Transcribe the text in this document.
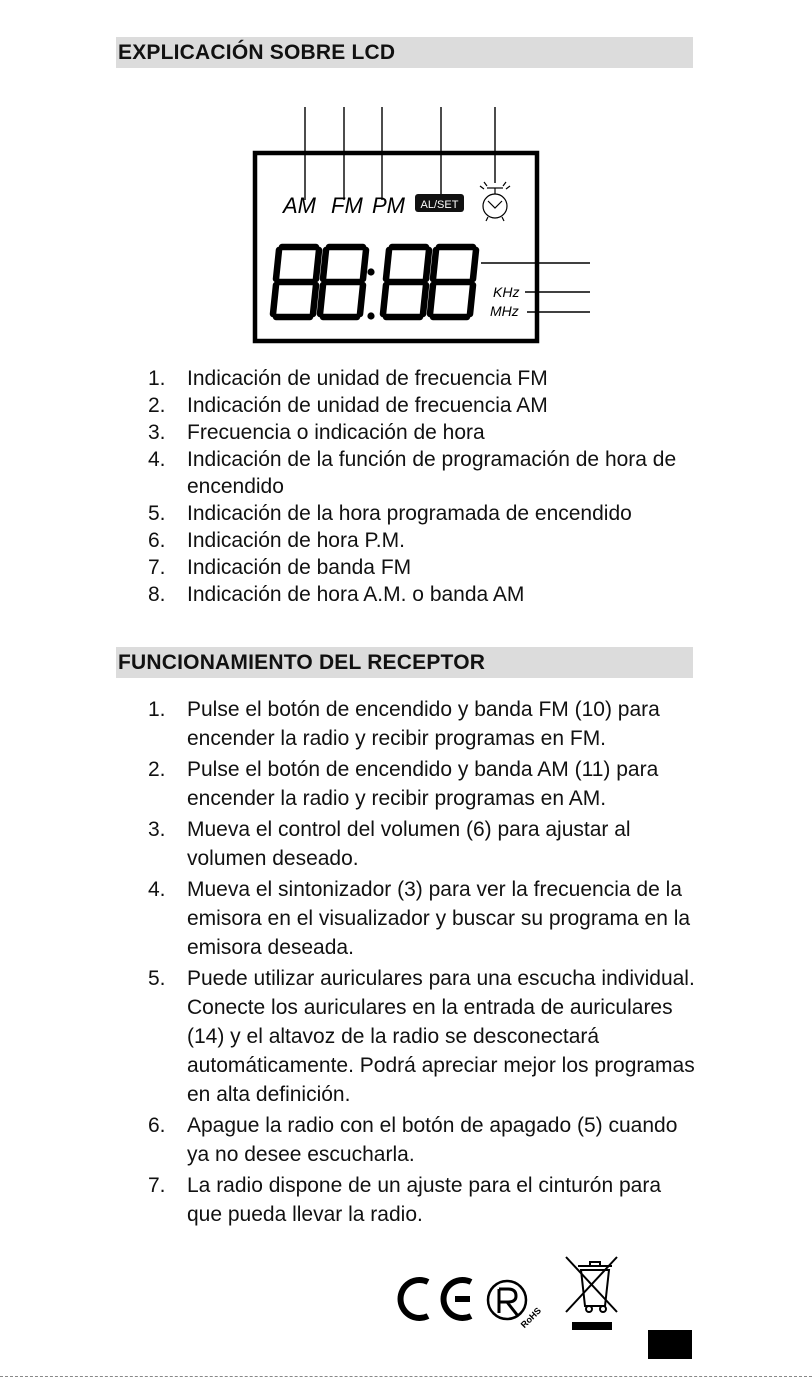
EXPLICACIÓN SOBRE LCD
AM FM PM AL/SET
KHz
MHz
1. Indicación de unidad de frecuencia FM
2. Indicación de unidad de frecuencia AM
3. Frecuencia o indicación de hora
4. Indicación de la función de programación de hora de encendido
5. Indicación de la hora programada de encendido
6. Indicación de hora P.M.
7. Indicación de banda FM
8. Indicación de hora A.M. o banda AM
FUNCIONAMIENTO DEL RECEPTOR
1. Pulse el botón de encendido y banda FM (10) para encender la radio y recibir programas en FM.
2. Pulse el botón de encendido y banda AM (11) para encender la radio y recibir programas en AM.
3. Mueva el control del volumen (6) para ajustar al volumen deseado.
4. Mueva el sintonizador (3) para ver la frecuencia de la emisora en el visualizador y buscar su programa en la emisora deseada.
5. Puede utilizar auriculares para una escucha individual. Conecte los auriculares en la entrada de auriculares (14) y el altavoz de la radio se desconectará automáticamente. Podrá apreciar mejor los programas en alta definición.
6. Apague la radio con el botón de apagado (5) cuando ya no desee escucharla.
7. La radio dispone de un ajuste para el cinturón para que pueda llevar la radio.
RoHS
